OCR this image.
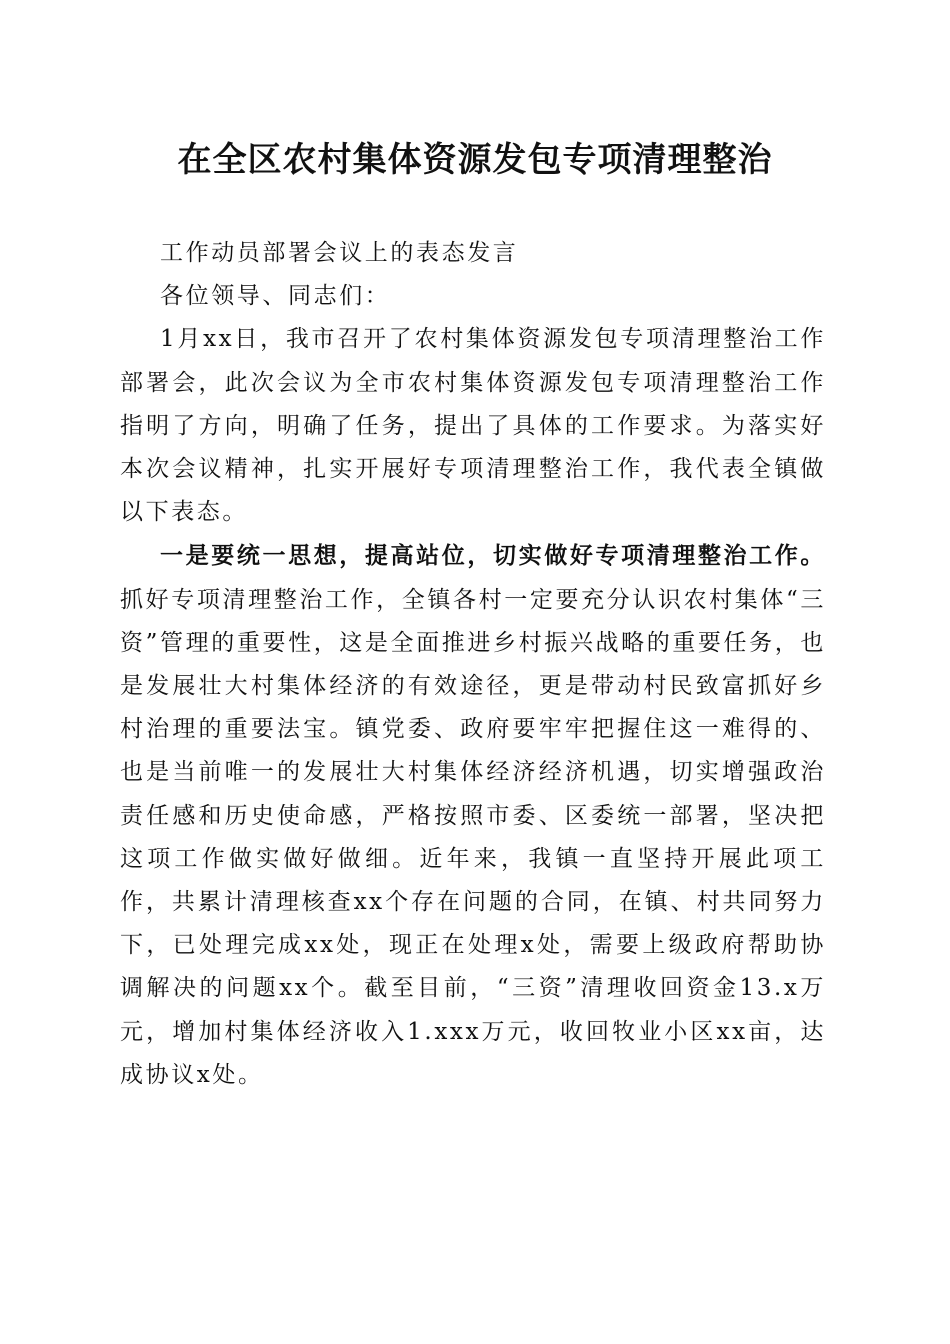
在全区农村集体资源发包专项清理整治

工作动员部署会议上的表态发言

各位领导、同志们：

1月xx日，我市召开了农村集体资源发包专项清理整治工作部署会，此次会议为全市农村集体资源发包专项清理整治工作指明了方向，明确了任务，提出了具体的工作要求。为落实好本次会议精神，扎实开展好专项清理整治工作，我代表全镇做以下表态。

一是要统一思想，提高站位，切实做好专项清理整治工作。抓好专项清理整治工作，全镇各村一定要充分认识农村集体“三资”管理的重要性，这是全面推进乡村振兴战略的重要任务，也是发展壮大村集体经济的有效途径，更是带动村民致富抓好乡村治理的重要法宝。镇党委、政府要牢牢把握住这一难得的、也是当前唯一的发展壮大村集体经济经济机遇，切实增强政治责任感和历史使命感，严格按照市委、区委统一部署，坚决把这项工作做实做好做细。近年来，我镇一直坚持开展此项工作，共累计清理核查xx个存在问题的合同，在镇、村共同努力下，已处理完成xx处，现正在处理x处，需要上级政府帮助协调解决的问题xx个。截至目前，“三资”清理收回资金13.x万元，增加村集体经济收入1.xxx万元，收回牧业小区xx亩，达成协议x处。
